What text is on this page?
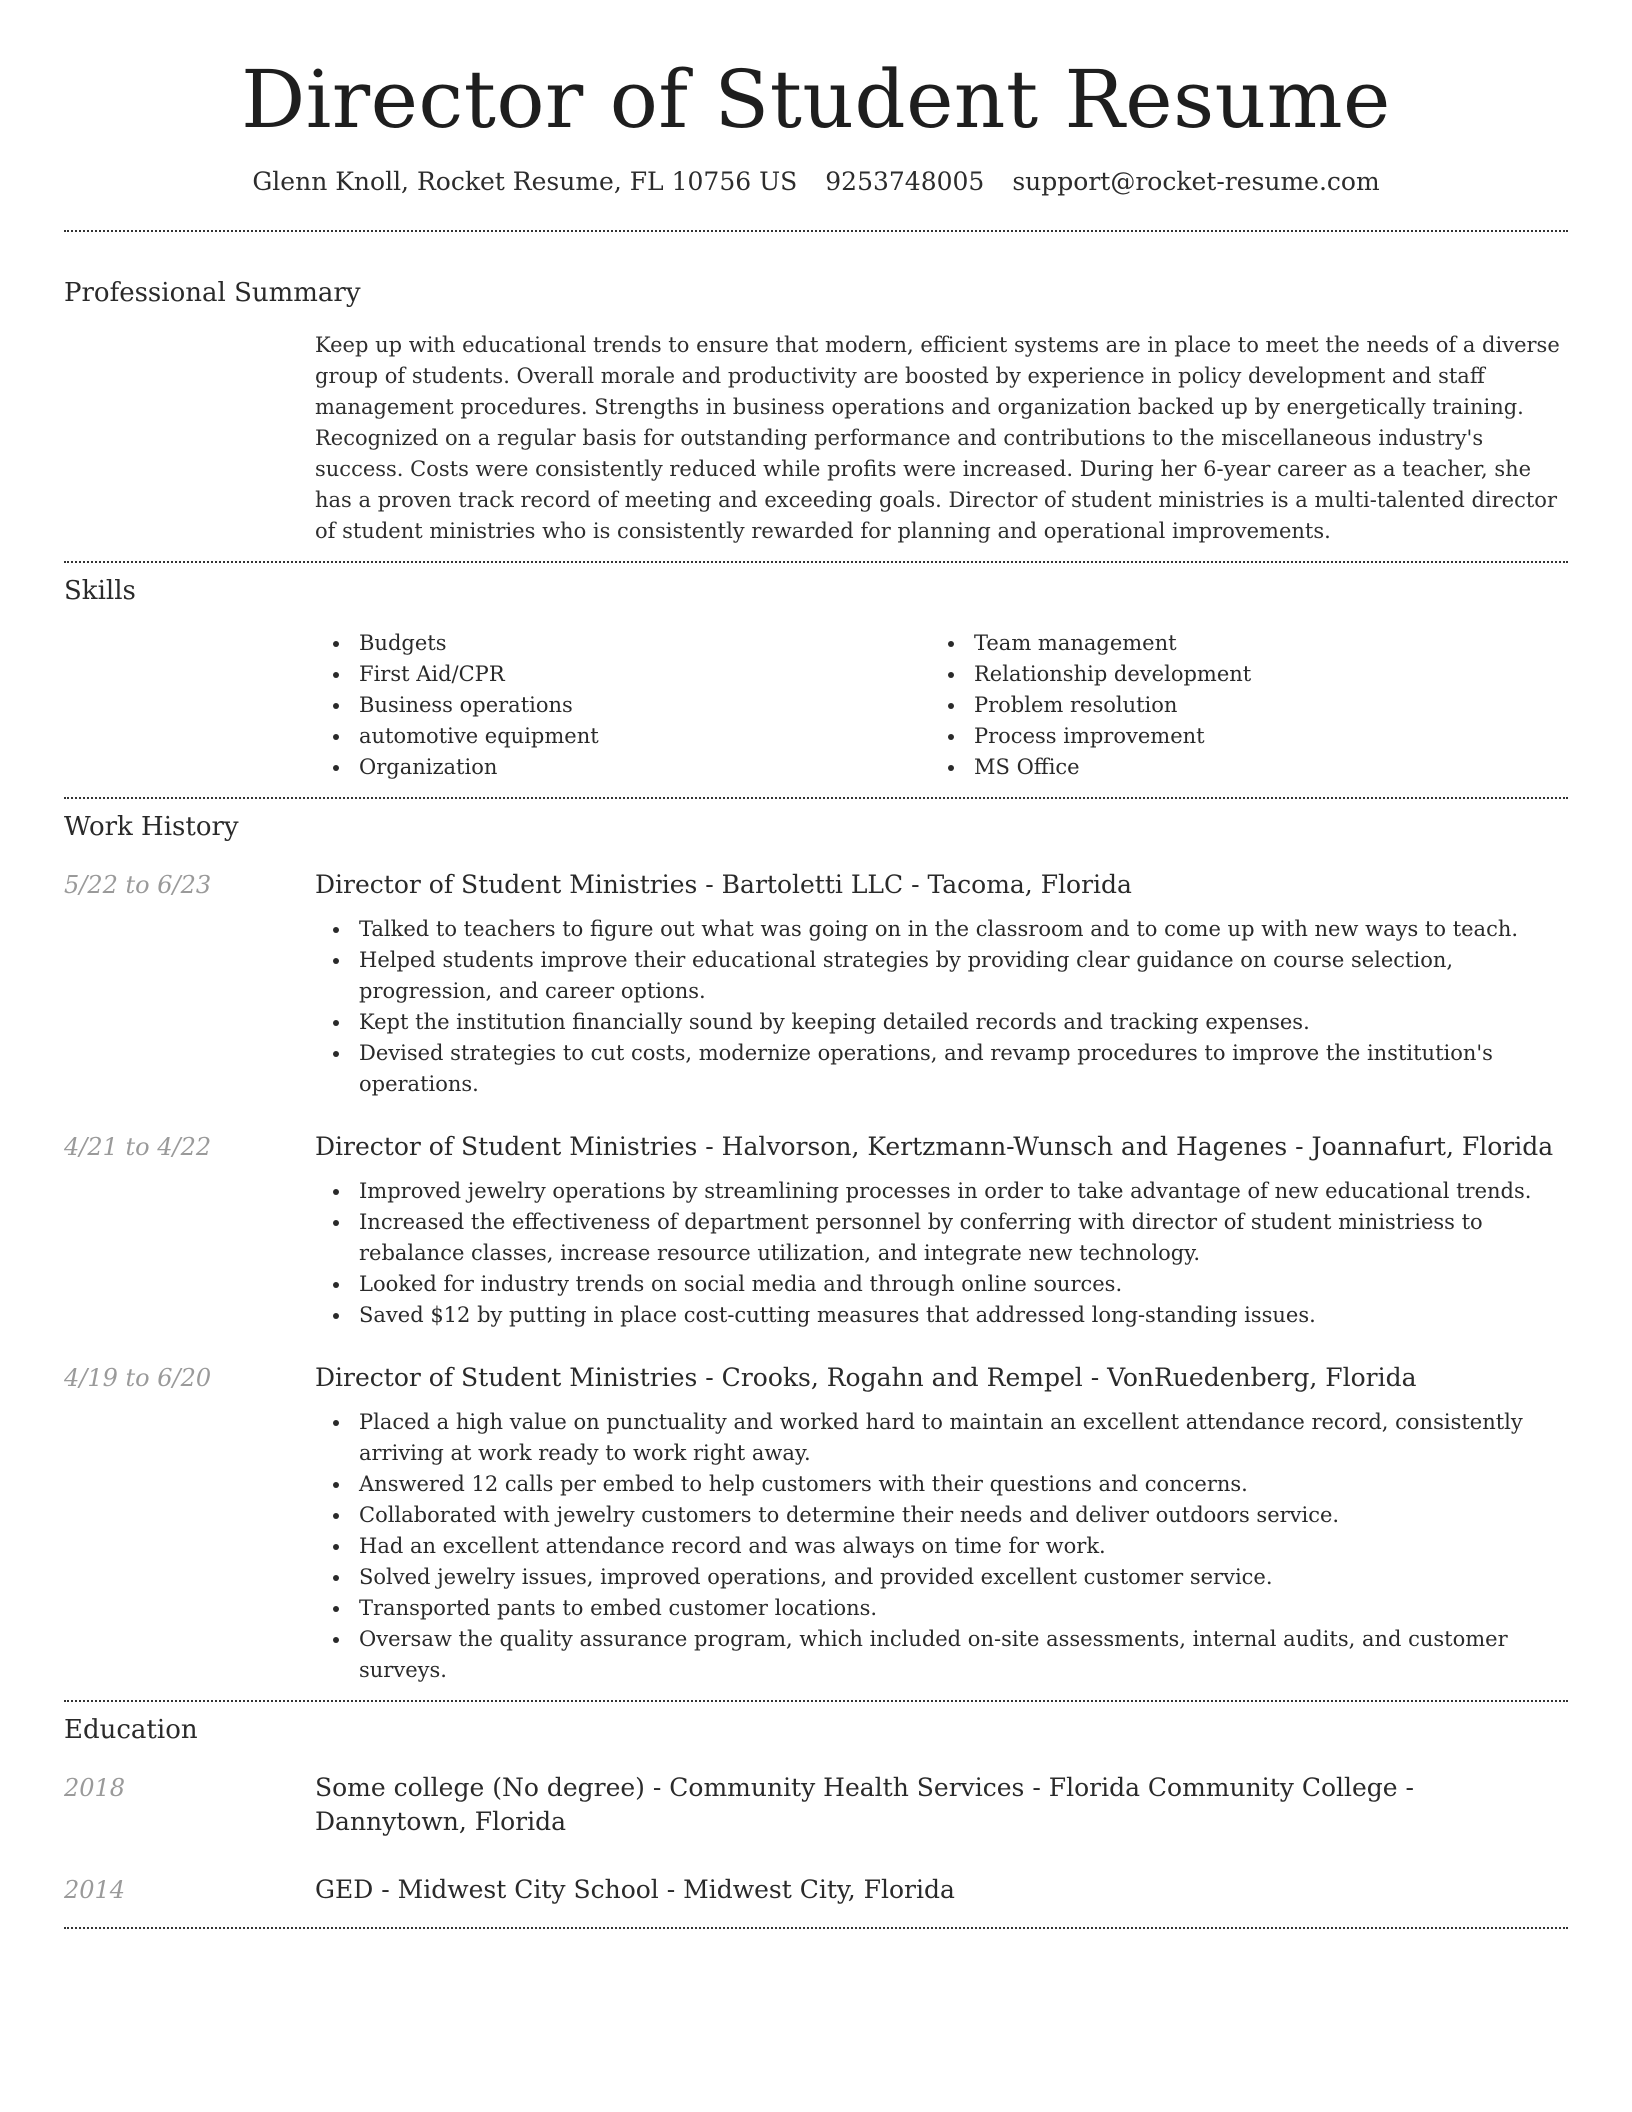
Director of Student Resume
Glenn Knoll, Rocket Resume, FL 10756 US 9253748005 support@rocket-resume.com
Professional Summary

Keep up with educational trends to ensure that modern, efficient systems are in place to meet the needs of a diverse group of students. Overall morale and productivity are boosted by experience in policy development and staff management procedures. Strengths in business operations and organization backed up by energetically training. Recognized on a regular basis for outstanding performance and contributions to the miscellaneous industry's success. Costs were consistently reduced while profits were increased. During her 6-year career as a teacher, she has a proven track record of meeting and exceeding goals. Director of student ministries is a multi-talented director of student ministries who is consistently rewarded for planning and operational improvements.

Skills
Budgets
First Aid/CPR
Business operations
automotive equipment
Organization
Team management
Relationship development
Problem resolution
Process improvement
MS Office
Work History
5/22 to 6/23	Director of Student Ministries - Bartoletti LLC - Tacoma, Florida
Talked to teachers to figure out what was going on in the classroom and to come up with new ways to teach.
Helped students improve their educational strategies by providing clear guidance on course selection, progression, and career options.
Kept the institution financially sound by keeping detailed records and tracking expenses.
Devised strategies to cut costs, modernize operations, and revamp procedures to improve the institution's operations.
4/21 to 4/22	Director of Student Ministries - Halvorson, Kertzmann-Wunsch and Hagenes - Joannafurt, Florida
Improved jewelry operations by streamlining processes in order to take advantage of new educational trends.
Increased the effectiveness of department personnel by conferring with director of student ministriess to rebalance classes, increase resource utilization, and integrate new technology.
Looked for industry trends on social media and through online sources.
Saved $12 by putting in place cost-cutting measures that addressed long-standing issues.
4/19 to 6/20	Director of Student Ministries - Crooks, Rogahn and Rempel - VonRuedenberg, Florida
Placed a high value on punctuality and worked hard to maintain an excellent attendance record, consistently arriving at work ready to work right away.
Answered 12 calls per embed to help customers with their questions and concerns.
Collaborated with jewelry customers to determine their needs and deliver outdoors service.
Had an excellent attendance record and was always on time for work.
Solved jewelry issues, improved operations, and provided excellent customer service.
Transported pants to embed customer locations.
Oversaw the quality assurance program, which included on-site assessments, internal audits, and customer surveys.
Education
2018	Some college (No degree) - Community Health Services - Florida Community College - Dannytown, Florida
2014	GED - Midwest City School - Midwest City, Florida
